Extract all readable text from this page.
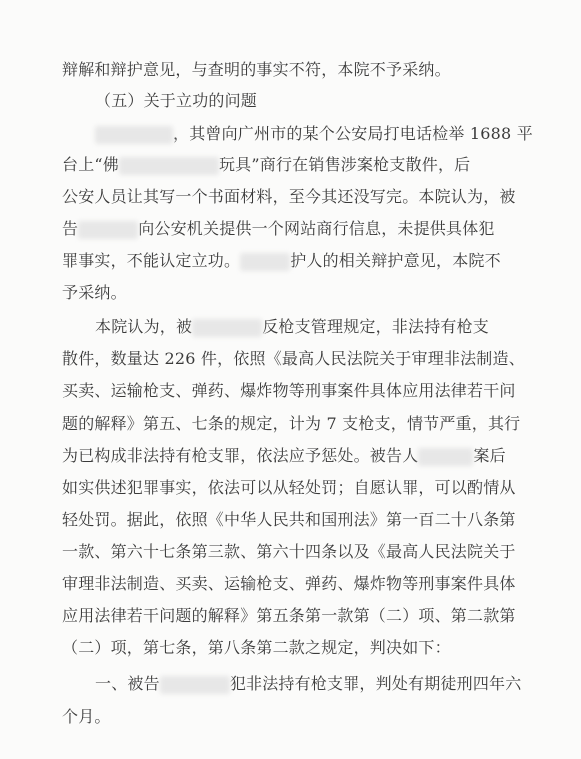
辩解和辩护意见，与查明的事实不符，本院不予采纳。
（五）关于立功的问题
，其曾向广州市的某个公安局打电话检举 1688 平
台上“佛	玩具”商行在销售涉案枪支散件，后
公安人员让其写一个书面材料，至今其还没写完。本院认为，被
告	向公安机关提供一个网站商行信息，未提供具体犯
罪事实，不能认定立功。	护人的相关辩护意见，本院不
予采纳。
本院认为，被	反枪支管理规定，非法持有枪支
散件，数量达 226 件，依照《最高人民法院关于审理非法制造、
买卖、运输枪支、弹药、爆炸物等刑事案件具体应用法律若干问
题的解释》第五、七条的规定，计为 7 支枪支，情节严重，其行
为已构成非法持有枪支罪，依法应予惩处。被告人	案后
如实供述犯罪事实，依法可以从轻处罚；自愿认罪，可以酌情从
轻处罚。据此，依照《中华人民共和国刑法》第一百二十八条第
一款、第六十七条第三款、第六十四条以及《最高人民法院关于
审理非法制造、买卖、运输枪支、弹药、爆炸物等刑事案件具体
应用法律若干问题的解释》第五条第一款第（二）项、第二款第
（二）项，第七条，第八条第二款之规定，判决如下：
一、被告	犯非法持有枪支罪，判处有期徒刑四年六
个月。
